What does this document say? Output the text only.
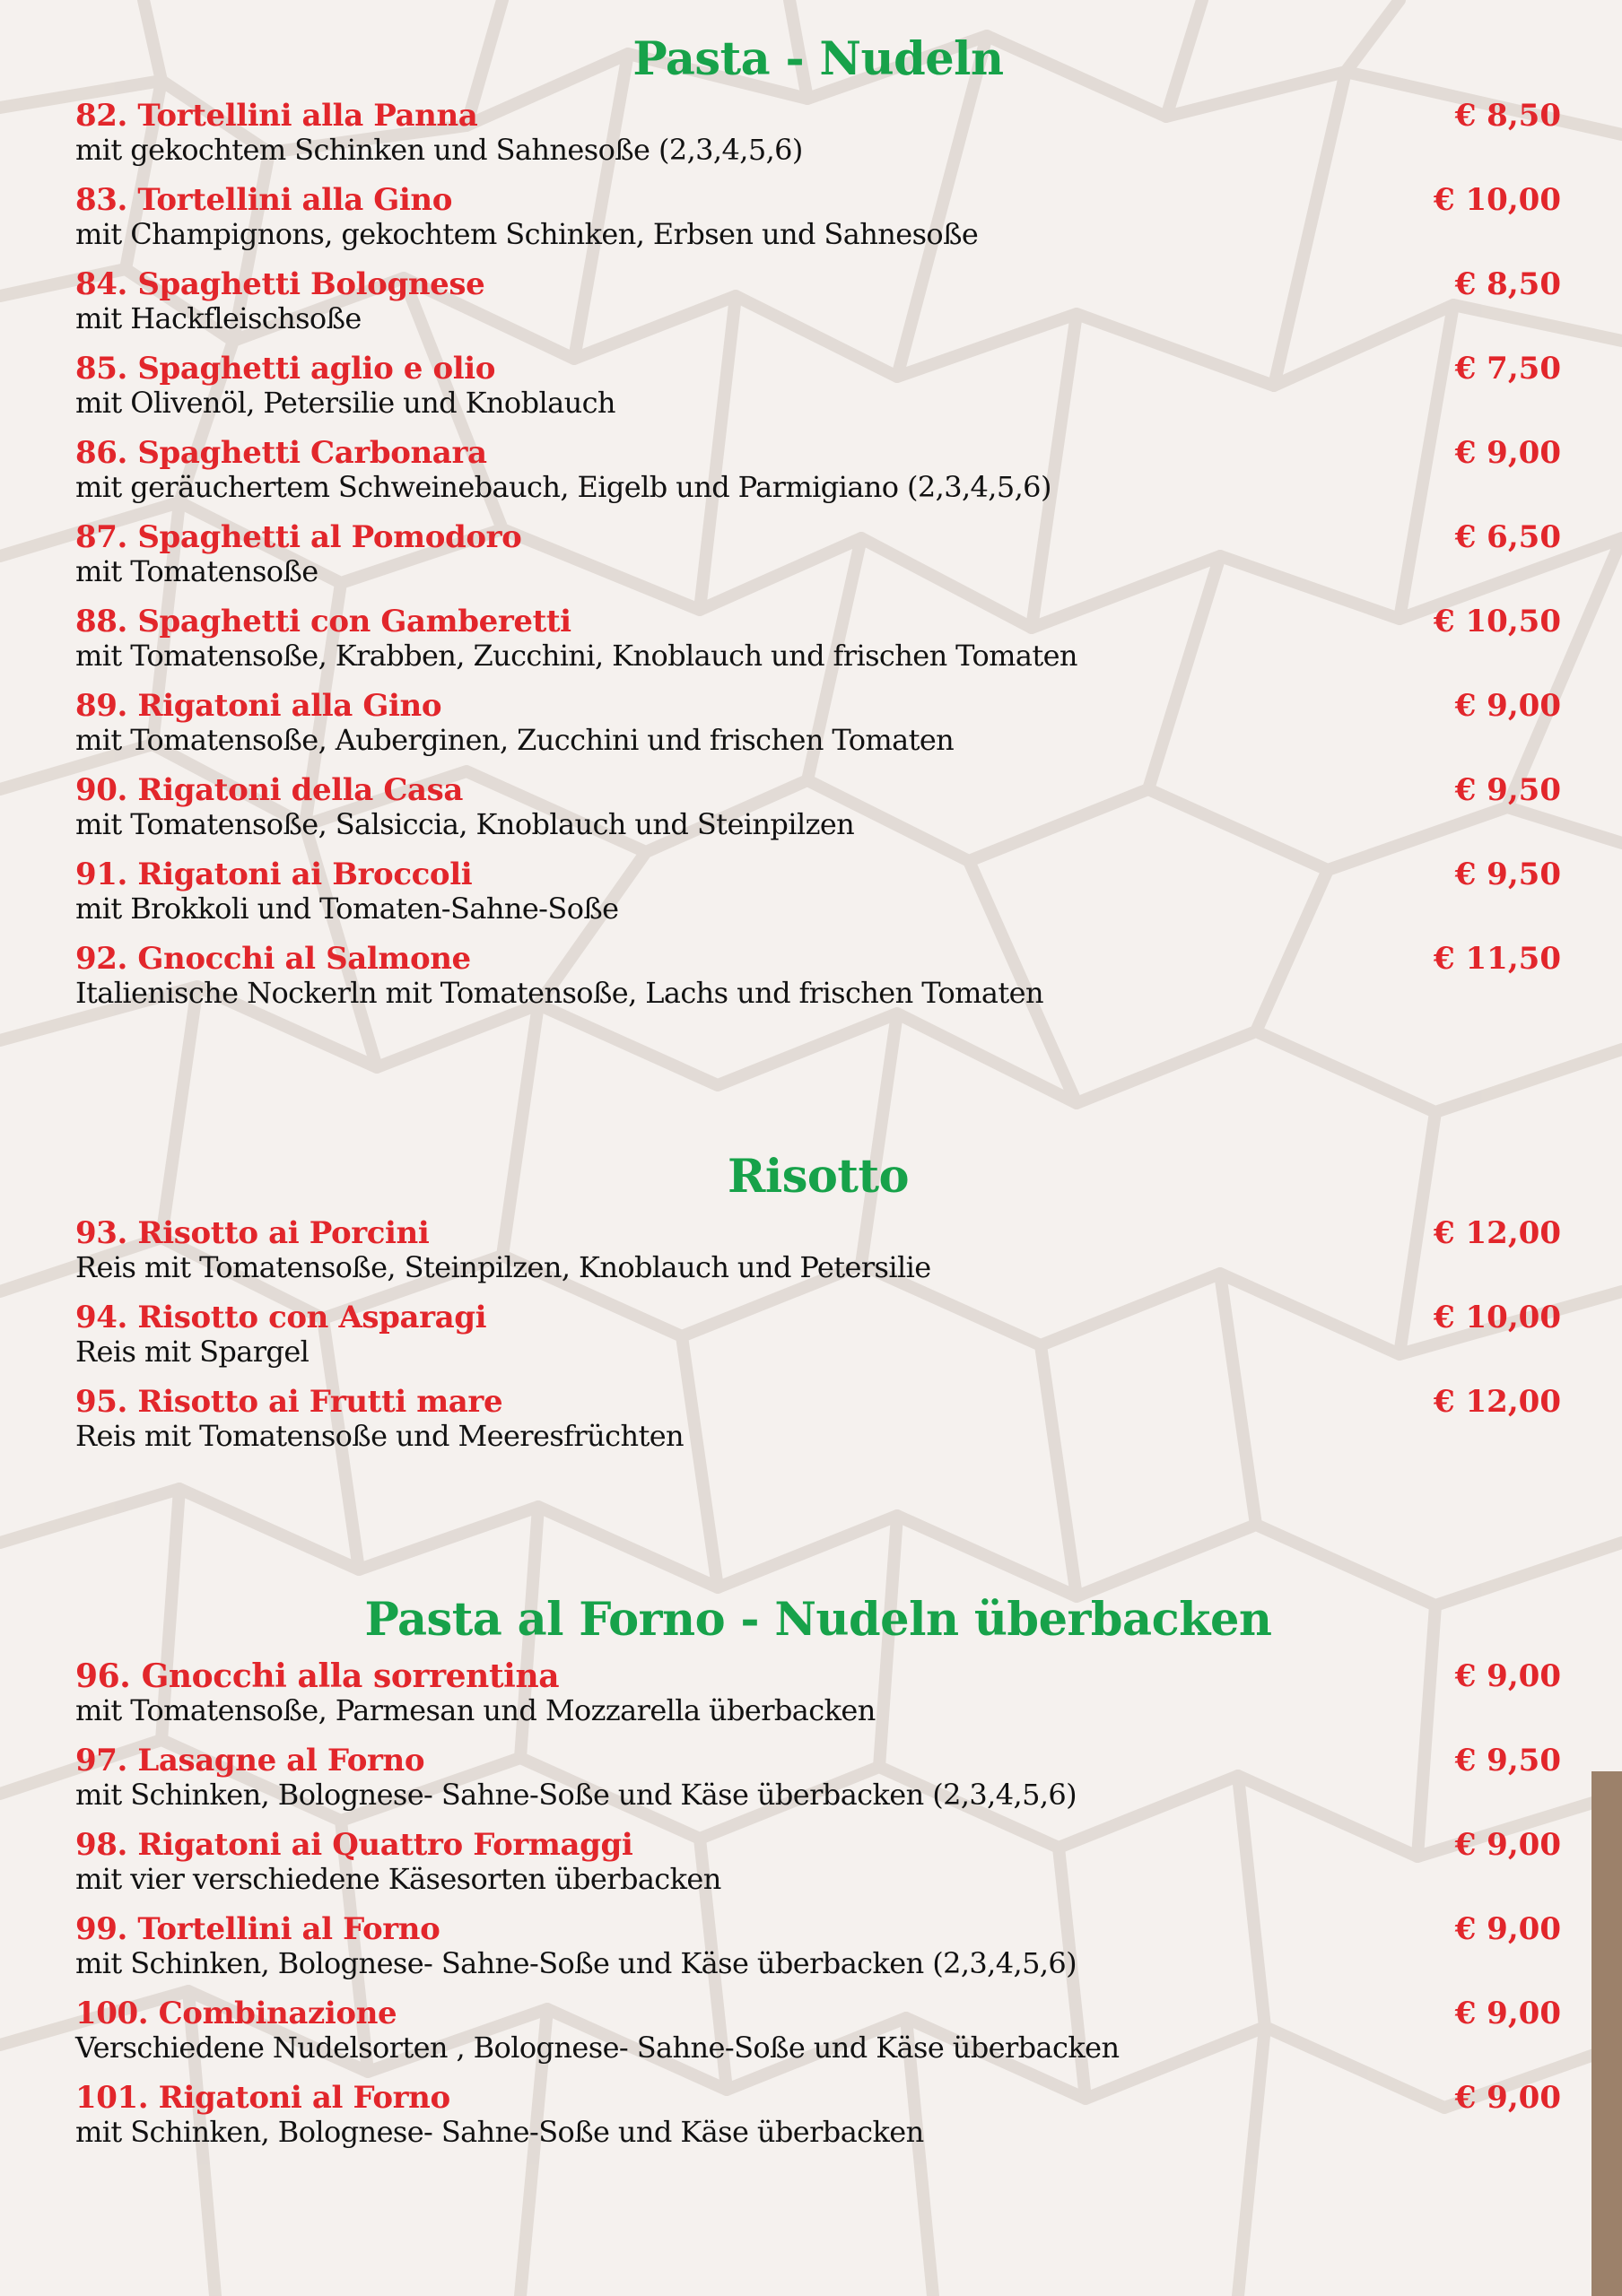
Pasta - Nudeln
82. Tortellini alla Panna	€ 8,50
mit gekochtem Schinken und Sahnesoße (2,3,4,5,6)
83. Tortellini alla Gino	€ 10,00
mit Champignons, gekochtem Schinken, Erbsen und Sahnesoße
84. Spaghetti Bolognese	€ 8,50
mit Hackfleischsoße
85. Spaghetti aglio e olio	€ 7,50
mit Olivenöl, Petersilie und Knoblauch
86. Spaghetti Carbonara	€ 9,00
mit geräuchertem Schweinebauch, Eigelb und Parmigiano (2,3,4,5,6)
87. Spaghetti al Pomodoro	€ 6,50
mit Tomatensoße
88. Spaghetti con Gamberetti	€ 10,50
mit Tomatensoße, Krabben, Zucchini, Knoblauch und frischen Tomaten
89. Rigatoni alla Gino	€ 9,00
mit Tomatensoße, Auberginen, Zucchini und frischen Tomaten
90. Rigatoni della Casa	€ 9,50
mit Tomatensoße, Salsiccia, Knoblauch und Steinpilzen
91. Rigatoni ai Broccoli	€ 9,50
mit Brokkoli und Tomaten-Sahne-Soße
92. Gnocchi al Salmone	€ 11,50
Italienische Nockerln mit Tomatensoße, Lachs und frischen Tomaten
Risotto
93. Risotto ai Porcini	€ 12,00
Reis mit Tomatensoße, Steinpilzen, Knoblauch und Petersilie
94. Risotto con Asparagi	€ 10,00
Reis mit Spargel
95. Risotto ai Frutti mare	€ 12,00
Reis mit Tomatensoße und Meeresfrüchten
Pasta al Forno - Nudeln überbacken
96. Gnocchi alla sorrentina	€ 9,00
mit Tomatensoße, Parmesan und Mozzarella überbacken
97. Lasagne al Forno	€ 9,50
mit Schinken, Bolognese- Sahne-Soße und Käse überbacken (2,3,4,5,6)
98. Rigatoni ai Quattro Formaggi	€ 9,00
mit vier verschiedene Käsesorten überbacken
99. Tortellini al Forno	€ 9,00
mit Schinken, Bolognese- Sahne-Soße und Käse überbacken (2,3,4,5,6)
100. Combinazione	€ 9,00
Verschiedene Nudelsorten , Bolognese- Sahne-Soße und Käse überbacken
101. Rigatoni al Forno	€ 9,00
mit Schinken, Bolognese- Sahne-Soße und Käse überbacken
